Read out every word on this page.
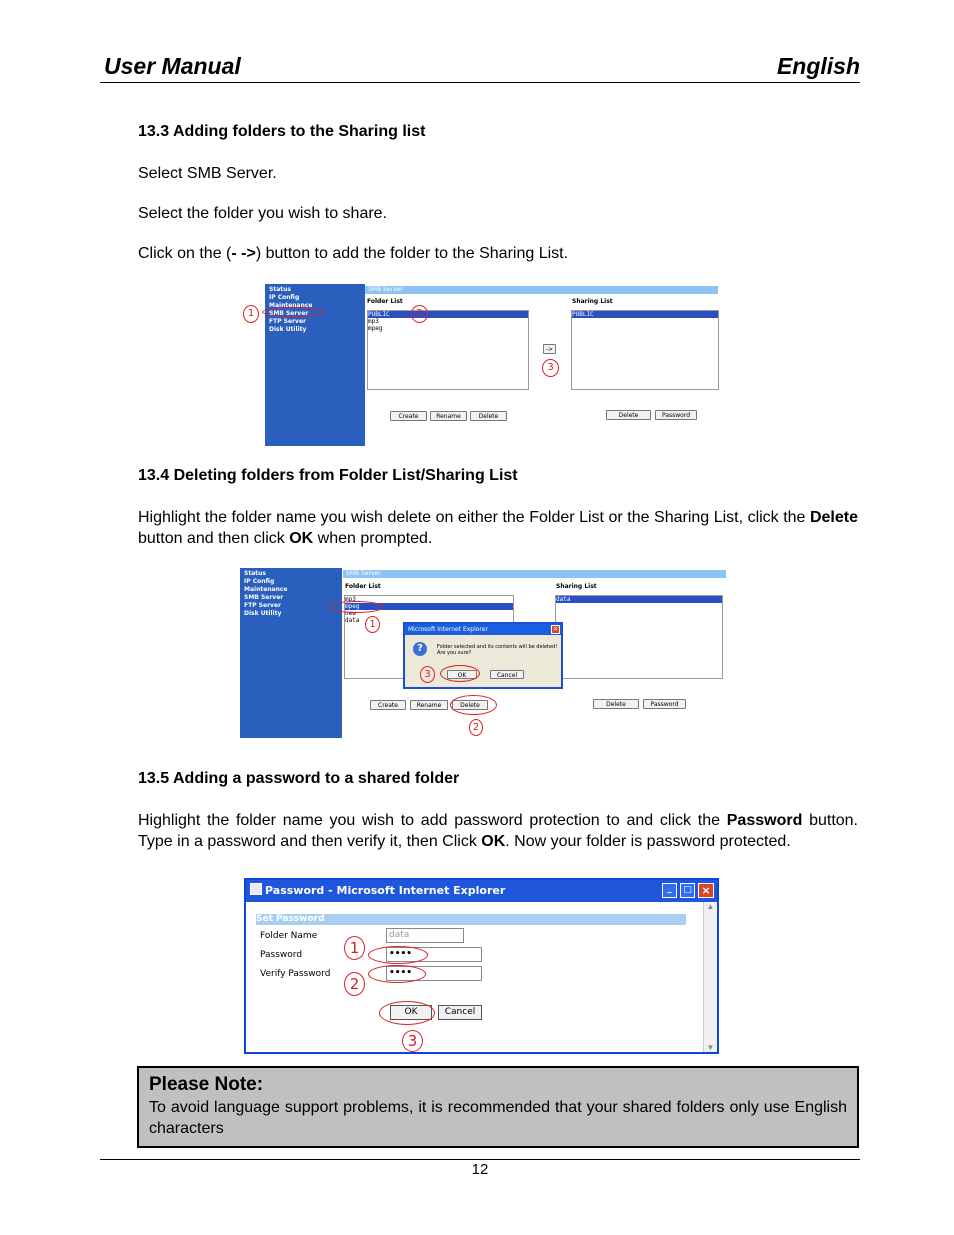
User Manual	English
13.3 Adding folders to the Sharing list
Select SMB Server.
Select the folder you wish to share.
Click on the (- ->) button to add the folder to the Sharing List.
Status
IP Config
Maintenance
SMB Server
FTP Server
Disk Utility
SMB Server
Folder List	Sharing List
PUBLIC
mp3
mpeg
PUBLIC
->
Create	Rename	Delete	Delete	Password
1	2
3
13.4 Deleting folders from Folder List/Sharing List
Highlight the folder name you wish delete on either the Folder List or the Sharing List, click the Delete button and then click OK when prompted.
Status
IP Config
Maintenance
SMB Server
FTP Server
Disk Utility
SMB Server
Folder List	Sharing List
mp3
mpeg
new
data
data
Create	Rename	Delete	Delete	Password
Microsoft Internet Explorer	×
?	Folder selected and its contents will be deleted!
Are you sure?
OK	Cancel
1
3
2
13.5 Adding a password to a shared folder
Highlight the folder name you wish to add password protection to and click the Password button. Type in a password and then verify it, then Click OK. Now your folder is password protected.
Password - Microsoft Internet Explorer	_	□ ×
Set Password
Folder Name	data
Password	••••
Verify Password	••••
OK	Cancel
1
2
3
▲
▼
Please Note:
To avoid language support problems, it is recommended that your shared folders only use English characters
12
